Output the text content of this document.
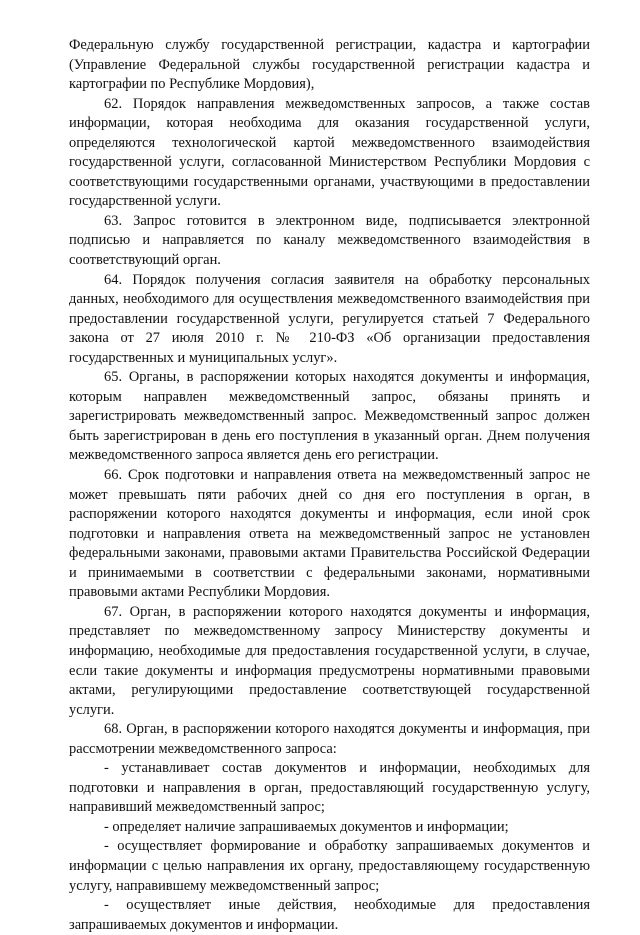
Федеральную службу государственной регистрации, кадастра и картографии (Управление Федеральной службы государственной регистрации кадастра и картографии по Республике Мордовия),

62. Порядок направления межведомственных запросов, а также состав информации, которая необходима для оказания государственной услуги, определяются технологической картой межведомственного взаимодействия государственной услуги, согласованной Министерством Республики Мордовия с соответствующими государственными органами, участвующими в предоставлении государственной услуги.

63. Запрос готовится в электронном виде, подписывается электронной подписью и направляется по каналу межведомственного взаимодействия в соответствующий орган.

64. Порядок получения согласия заявителя на обработку персональных данных, необходимого для осуществления межведомственного взаимодействия при предоставлении государственной услуги, регулируется статьей 7 Федерального закона от 27 июля 2010 г. № 210-ФЗ «Об организации предоставления государственных и муниципальных услуг».

65. Органы, в распоряжении которых находятся документы и информация, которым направлен межведомственный запрос, обязаны принять и зарегистрировать межведомственный запрос. Межведомственный запрос должен быть зарегистрирован в день его поступления в указанный орган. Днем получения межведомственного запроса является день его регистрации.

66. Срок подготовки и направления ответа на межведомственный запрос не может превышать пяти рабочих дней со дня его поступления в орган, в распоряжении которого находятся документы и информация, если иной срок подготовки и направления ответа на межведомственный запрос не установлен федеральными законами, правовыми актами Правительства Российской Федерации и принимаемыми в соответствии с федеральными законами, нормативными правовыми актами Республики Мордовия.

67. Орган, в распоряжении которого находятся документы и информация, представляет по межведомственному запросу Министерству документы и информацию, необходимые для предоставления государственной услуги, в случае, если такие документы и информация предусмотрены нормативными правовыми актами, регулирующими предоставление соответствующей государственной услуги.

68. Орган, в распоряжении которого находятся документы и информация, при рассмотрении межведомственного запроса:

- устанавливает состав документов и информации, необходимых для подготовки и направления в орган, предоставляющий государственную услугу, направивший межведомственный запрос;

- определяет наличие запрашиваемых документов и информации;

- осуществляет формирование и обработку запрашиваемых документов и информации с целью направления их органу, предоставляющему государственную услугу, направившему межведомственный запрос;

- осуществляет иные действия, необходимые для предоставления запрашиваемых документов и информации.
